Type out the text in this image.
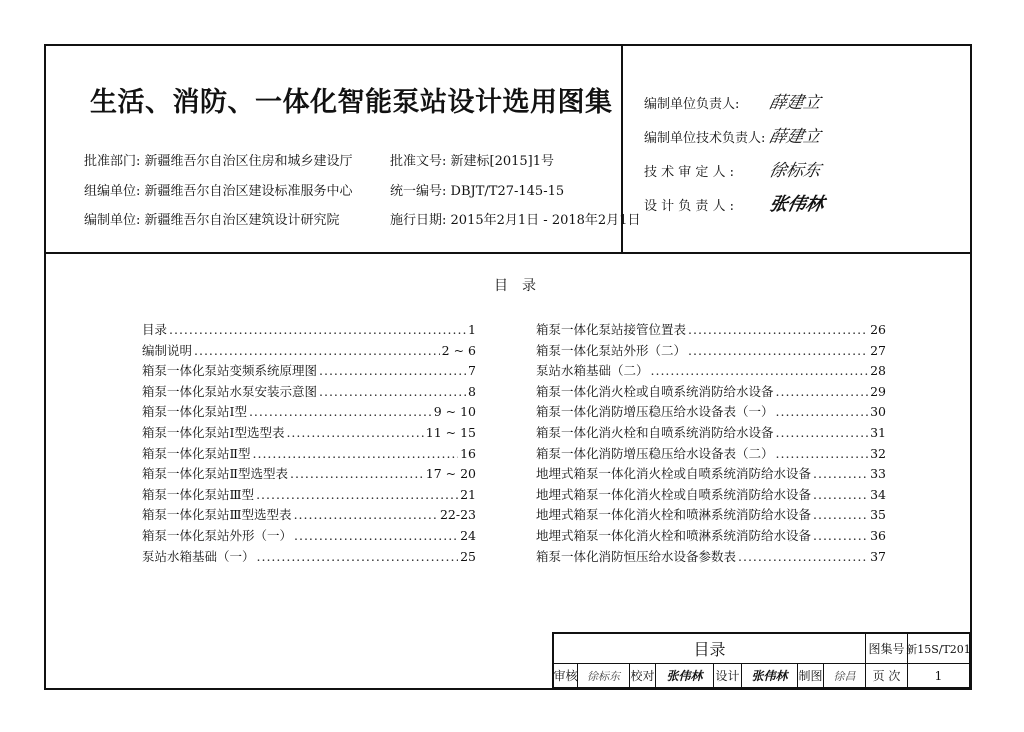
生活、消防、一体化智能泵站设计选用图集
批准部门: 新疆维吾尔自治区住房和城乡建设厅
组编单位: 新疆维吾尔自治区建设标准服务中心
编制单位: 新疆维吾尔自治区建筑设计研究院
批准文号: 新建标[2015]1号
统一编号: DBJT/T27-145-15
施行日期: 2015年2月1日 - 2018年2月1日
编制单位负责人: 薛建立
编制单位技术负责人: 薛建立
技 术 审 定 人 : 徐标东
设 计 负 责 人 : 张伟林
目录
目录 .....	1
编制说明 .....	2 ~ 6
箱泵一体化泵站变频系统原理图 .....	7
箱泵一体化泵站水泵安装示意图 .....	8
箱泵一体化泵站Ⅰ型 .....	9 ~ 10
箱泵一体化泵站Ⅰ型选型表 .....	11 ~ 15
箱泵一体化泵站Ⅱ型 .....	16
箱泵一体化泵站Ⅱ型选型表 .....	17 ~ 20
箱泵一体化泵站Ⅲ型 .....	21
箱泵一体化泵站Ⅲ型选型表 .....	22-23
箱泵一体化泵站外形（一） .....	24
泵站水箱基础（一） .....	25
箱泵一体化泵站接管位置表 .....	26
箱泵一体化泵站外形（二） .....	27
泵站水箱基础（二） .....	28
箱泵一体化消火栓或自喷系统消防给水设备 .....	29
箱泵一体化消防增压稳压给水设备表（一） .....	30
箱泵一体化消火栓和自喷系统消防给水设备 .....	31
箱泵一体化消防增压稳压给水设备表（二） .....	32
地埋式箱泵一体化消火栓或自喷系统消防给水设备 .....	33
地埋式箱泵一体化消火栓或自喷系统消防给水设备 .....	34
地埋式箱泵一体化消火栓和喷淋系统消防给水设备 .....	35
地埋式箱泵一体化消火栓和喷淋系统消防给水设备 .....	36
箱泵一体化消防恒压给水设备参数表 .....	37
目录	图集号 新15S/T201
审核 徐标东 校对 张伟林	设计 张伟林 制图	徐昌	页 次	1
